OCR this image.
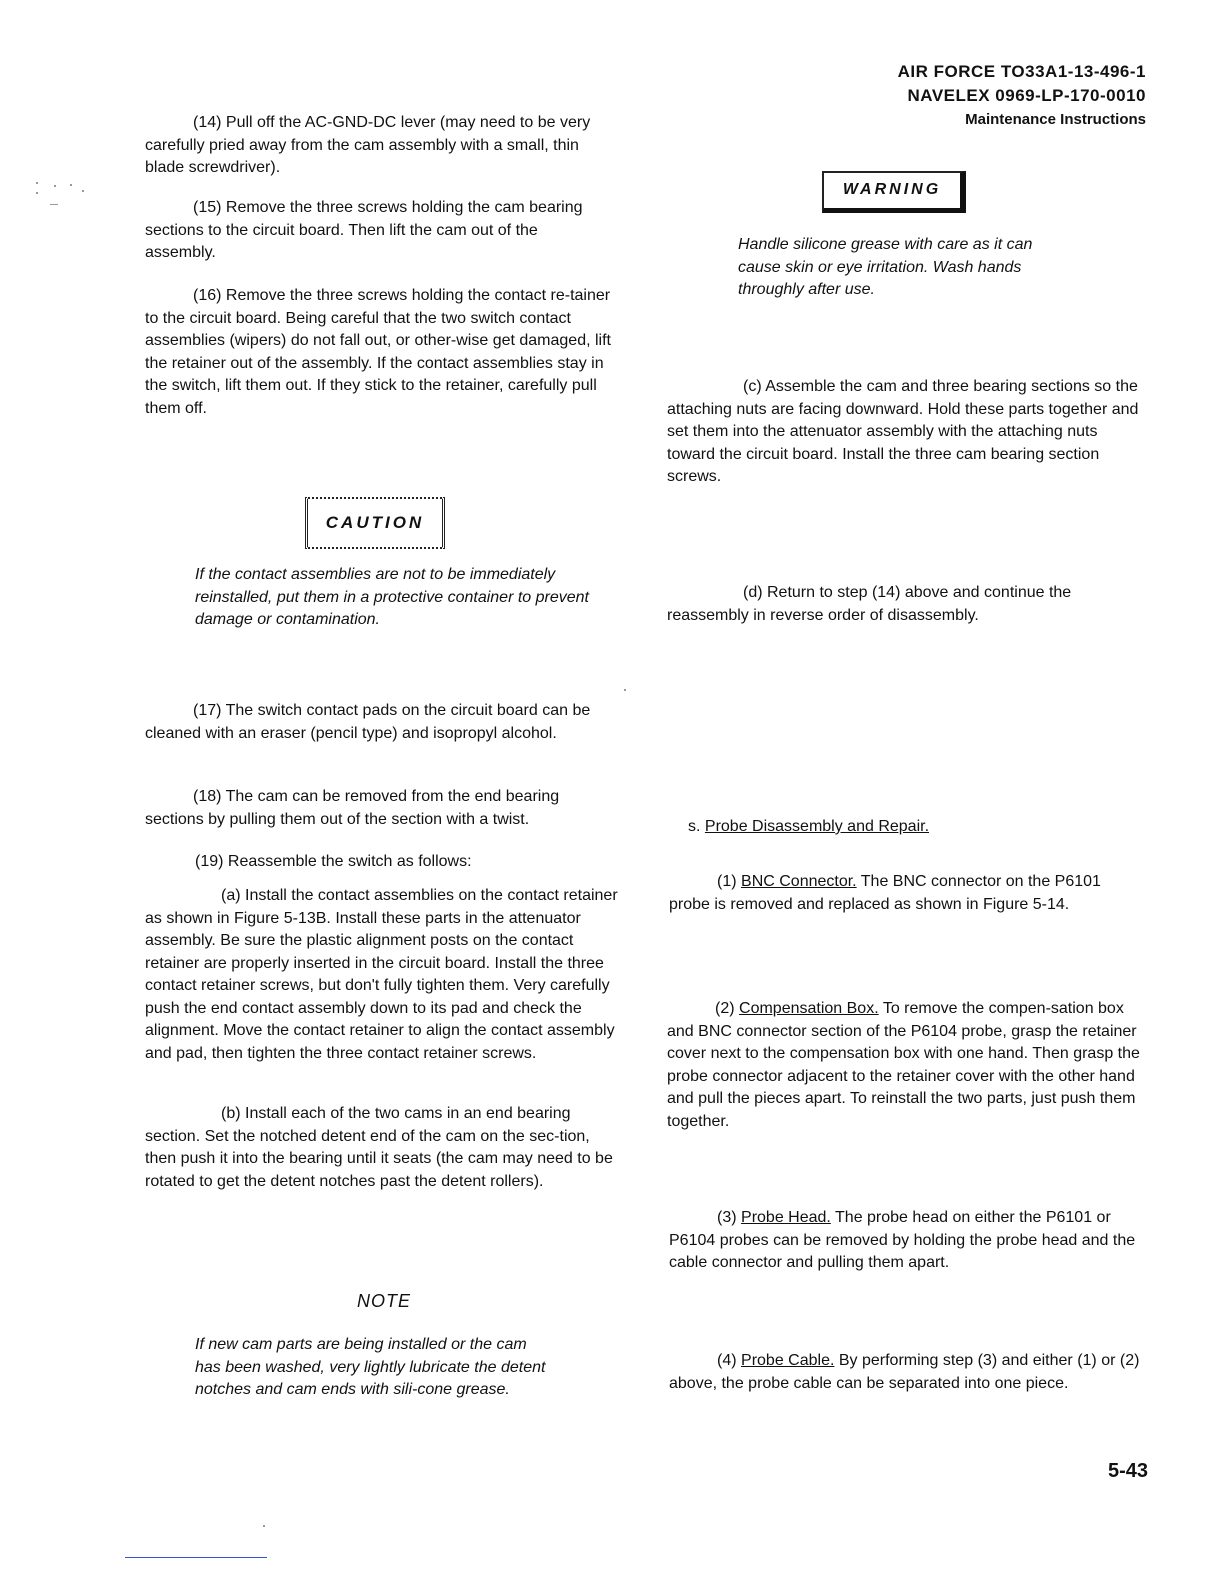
AIR FORCE TO33A1-13-496-1
NAVELEX 0969-LP-170-0010
Maintenance Instructions

(14) Pull off the AC-GND-DC lever (may need to be very carefully pried away from the cam assembly with a small, thin blade screwdriver).

(15) Remove the three screws holding the cam bearing sections to the circuit board. Then lift the cam out of the assembly.

(16) Remove the three screws holding the contact re-tainer to the circuit board. Being careful that the two switch contact assemblies (wipers) do not fall out, or other-wise get damaged, lift the retainer out of the assembly. If the contact assemblies stay in the switch, lift them out. If they stick to the retainer, carefully pull them off.

CAUTION

If the contact assemblies are not to be immediately reinstalled, put them in a protective container to prevent damage or contamination.

(17) The switch contact pads on the circuit board can be cleaned with an eraser (pencil type) and isopropyl alcohol.

(18) The cam can be removed from the end bearing sections by pulling them out of the section with a twist.

(19) Reassemble the switch as follows:

(a) Install the contact assemblies on the contact retainer as shown in Figure 5-13B. Install these parts in the attenuator assembly. Be sure the plastic alignment posts on the contact retainer are properly inserted in the circuit board. Install the three contact retainer screws, but don't fully tighten them. Very carefully push the end contact assembly down to its pad and check the alignment. Move the contact retainer to align the contact assembly and pad, then tighten the three contact retainer screws.

(b) Install each of the two cams in an end bearing section. Set the notched detent end of the cam on the sec-tion, then push it into the bearing until it seats (the cam may need to be rotated to get the detent notches past the detent rollers).

NOTE

If new cam parts are being installed or the cam has been washed, very lightly lubricate the detent notches and cam ends with sili-cone grease.

WARNING

Handle silicone grease with care as it can cause skin or eye irritation. Wash hands throughly after use.

(c) Assemble the cam and three bearing sections so the attaching nuts are facing downward. Hold these parts together and set them into the attenuator assembly with the attaching nuts toward the circuit board. Install the three cam bearing section screws.

(d) Return to step (14) above and continue the reassembly in reverse order of disassembly.

s. Probe Disassembly and Repair.

(1) BNC Connector. The BNC connector on the P6101 probe is removed and replaced as shown in Figure 5-14.

(2) Compensation Box. To remove the compen-sation box and BNC connector section of the P6104 probe, grasp the retainer cover next to the compensation box with one hand. Then grasp the probe connector adjacent to the retainer cover with the other hand and pull the pieces apart. To reinstall the two parts, just push them together.

(3) Probe Head. The probe head on either the P6101 or P6104 probes can be removed by holding the probe head and the cable connector and pulling them apart.

(4) Probe Cable. By performing step (3) and either (1) or (2) above, the probe cable can be separated into one piece.

5-43
